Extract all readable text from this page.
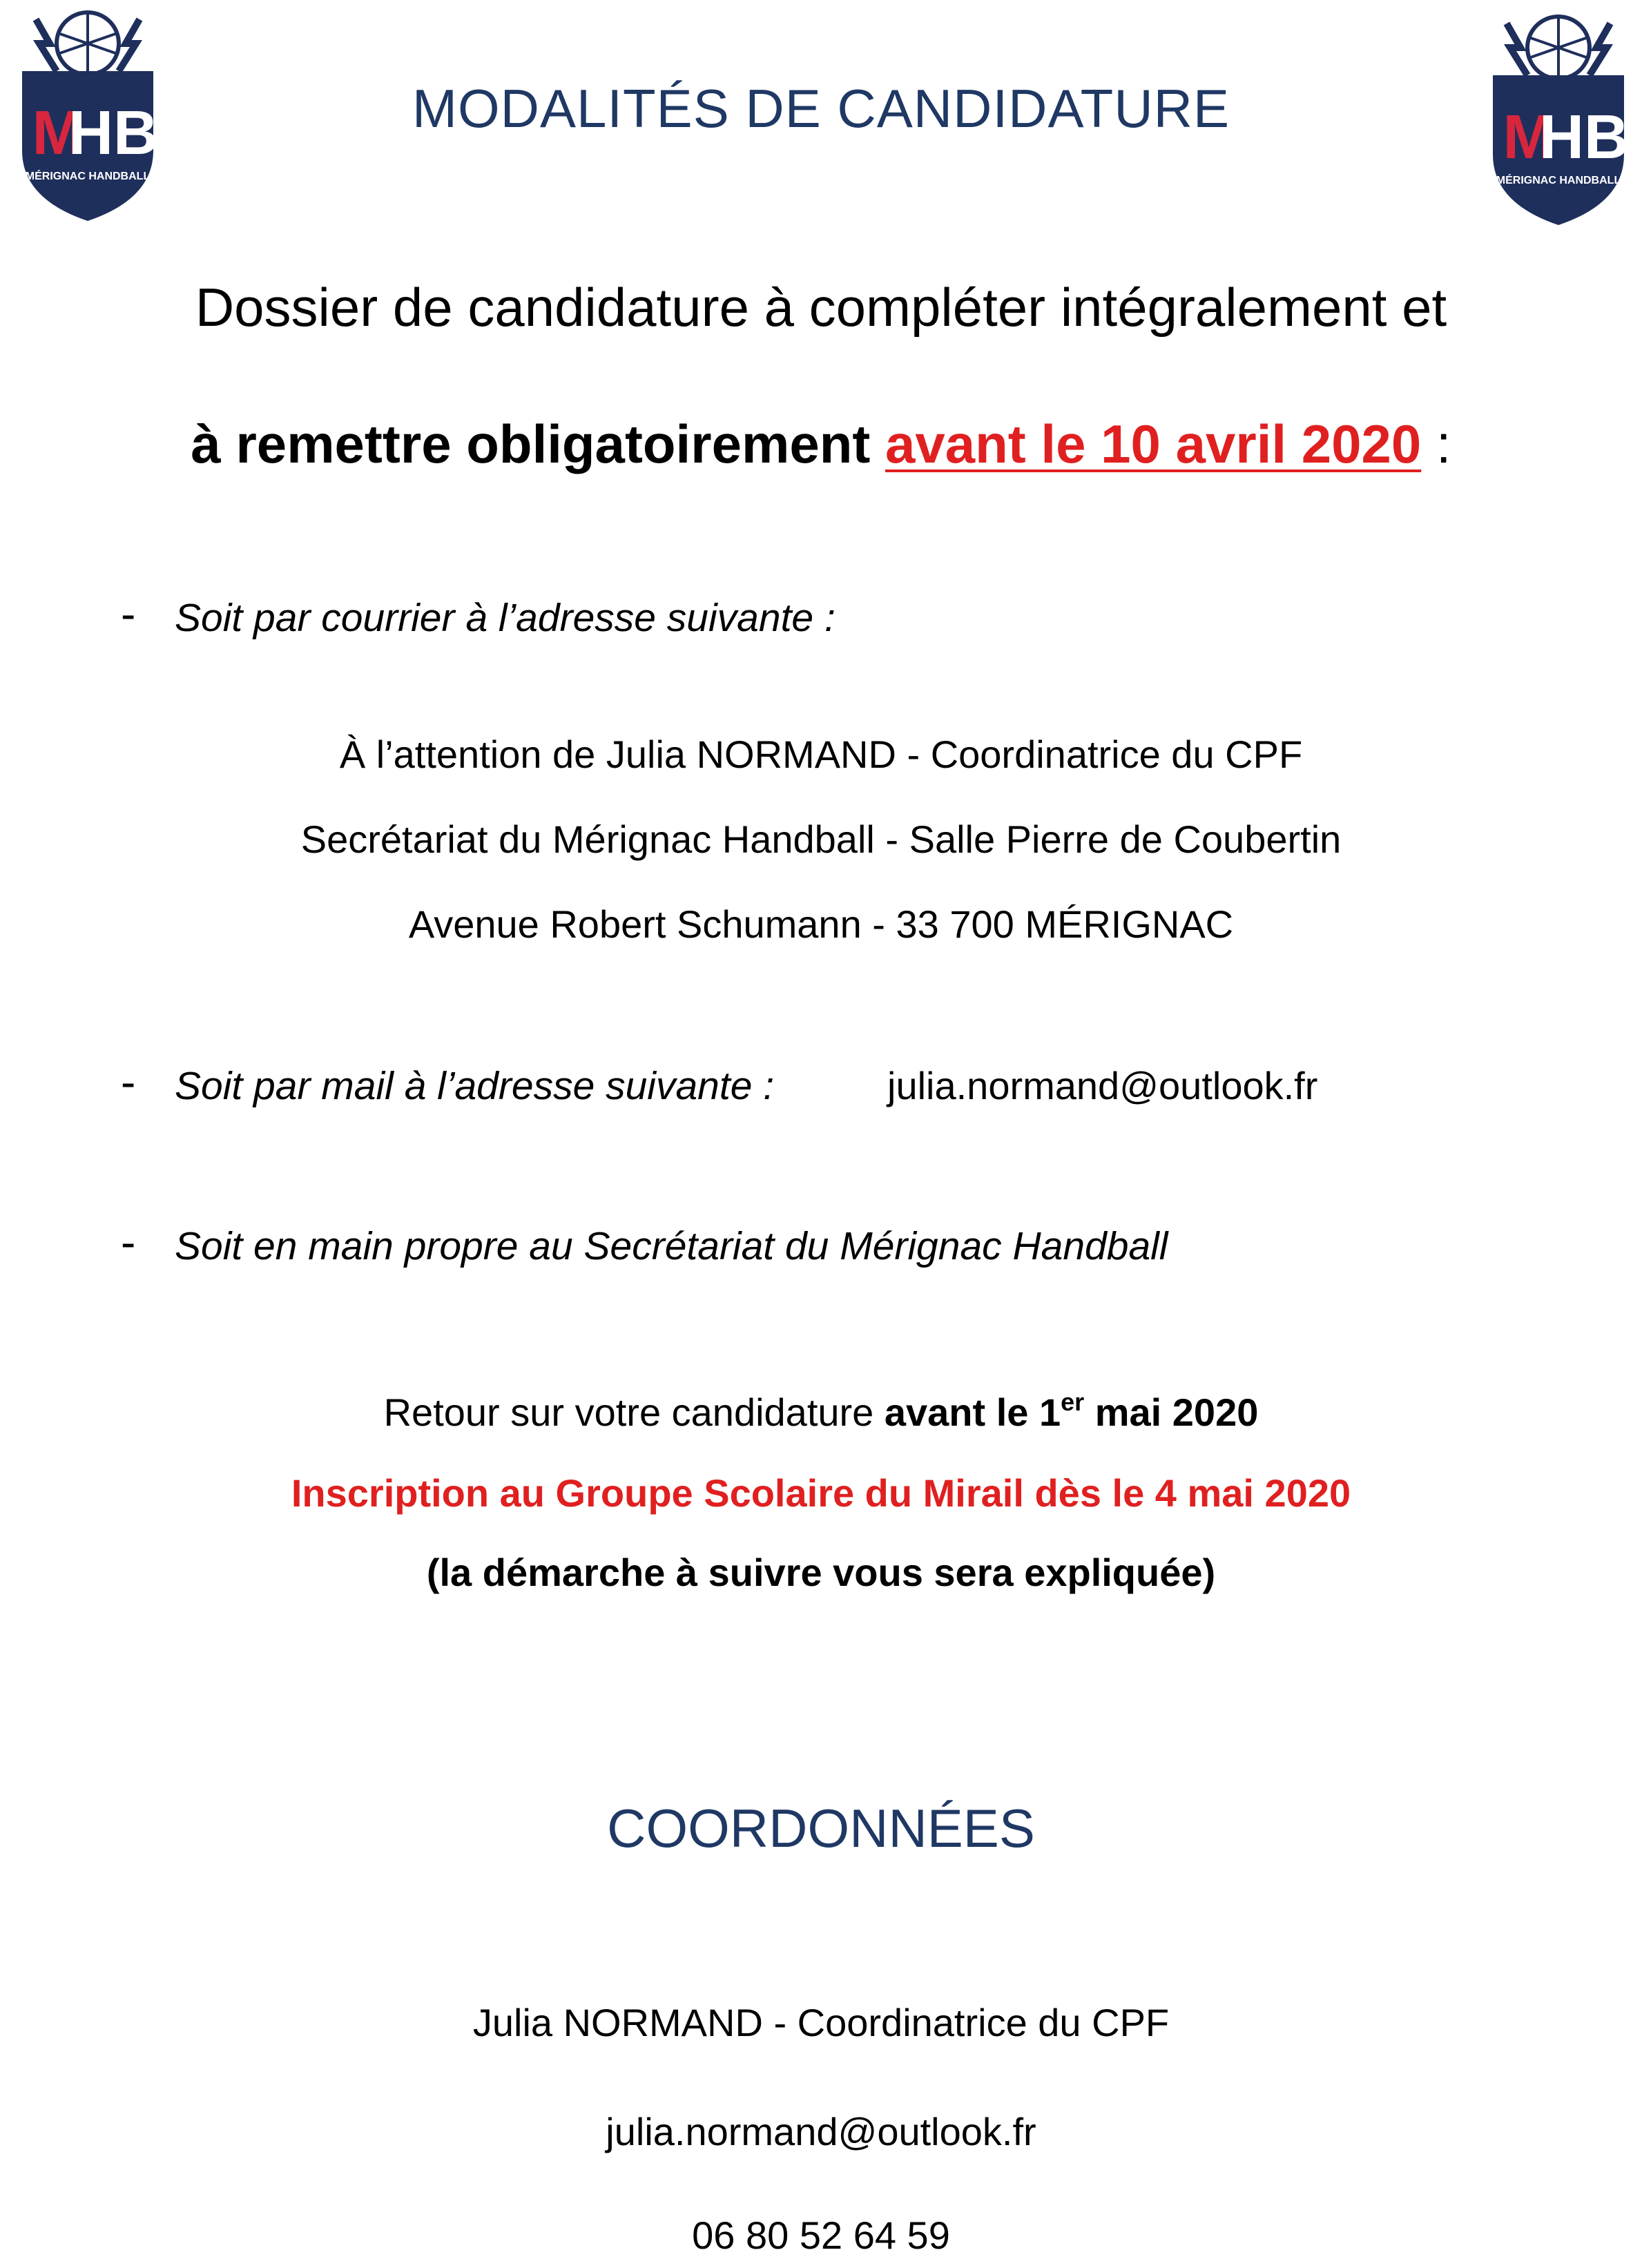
M
HB
MÉRIGNAC HANDBALL
M
HB
MÉRIGNAC HANDBALL
MODALITÉS DE CANDIDATURE
Dossier de candidature à compléter intégralement et
à remettre obligatoirement avant le 10 avril 2020 :
- Soit par courrier à l’adresse suivante :
À l’attention de Julia NORMAND - Coordinatrice du CPF
Secrétariat du Mérignac Handball - Salle Pierre de Coubertin
Avenue Robert Schumann - 33 700 MÉRIGNAC
- Soit par mail à l’adresse suivante :	julia.normand@outlook.fr
- Soit en main propre au Secrétariat du Mérignac Handball
Retour sur votre candidature avant le 1er mai 2020
Inscription au Groupe Scolaire du Mirail dès le 4 mai 2020
(la démarche à suivre vous sera expliquée)
COORDONNÉES
Julia NORMAND - Coordinatrice du CPF
julia.normand@outlook.fr
06 80 52 64 59
